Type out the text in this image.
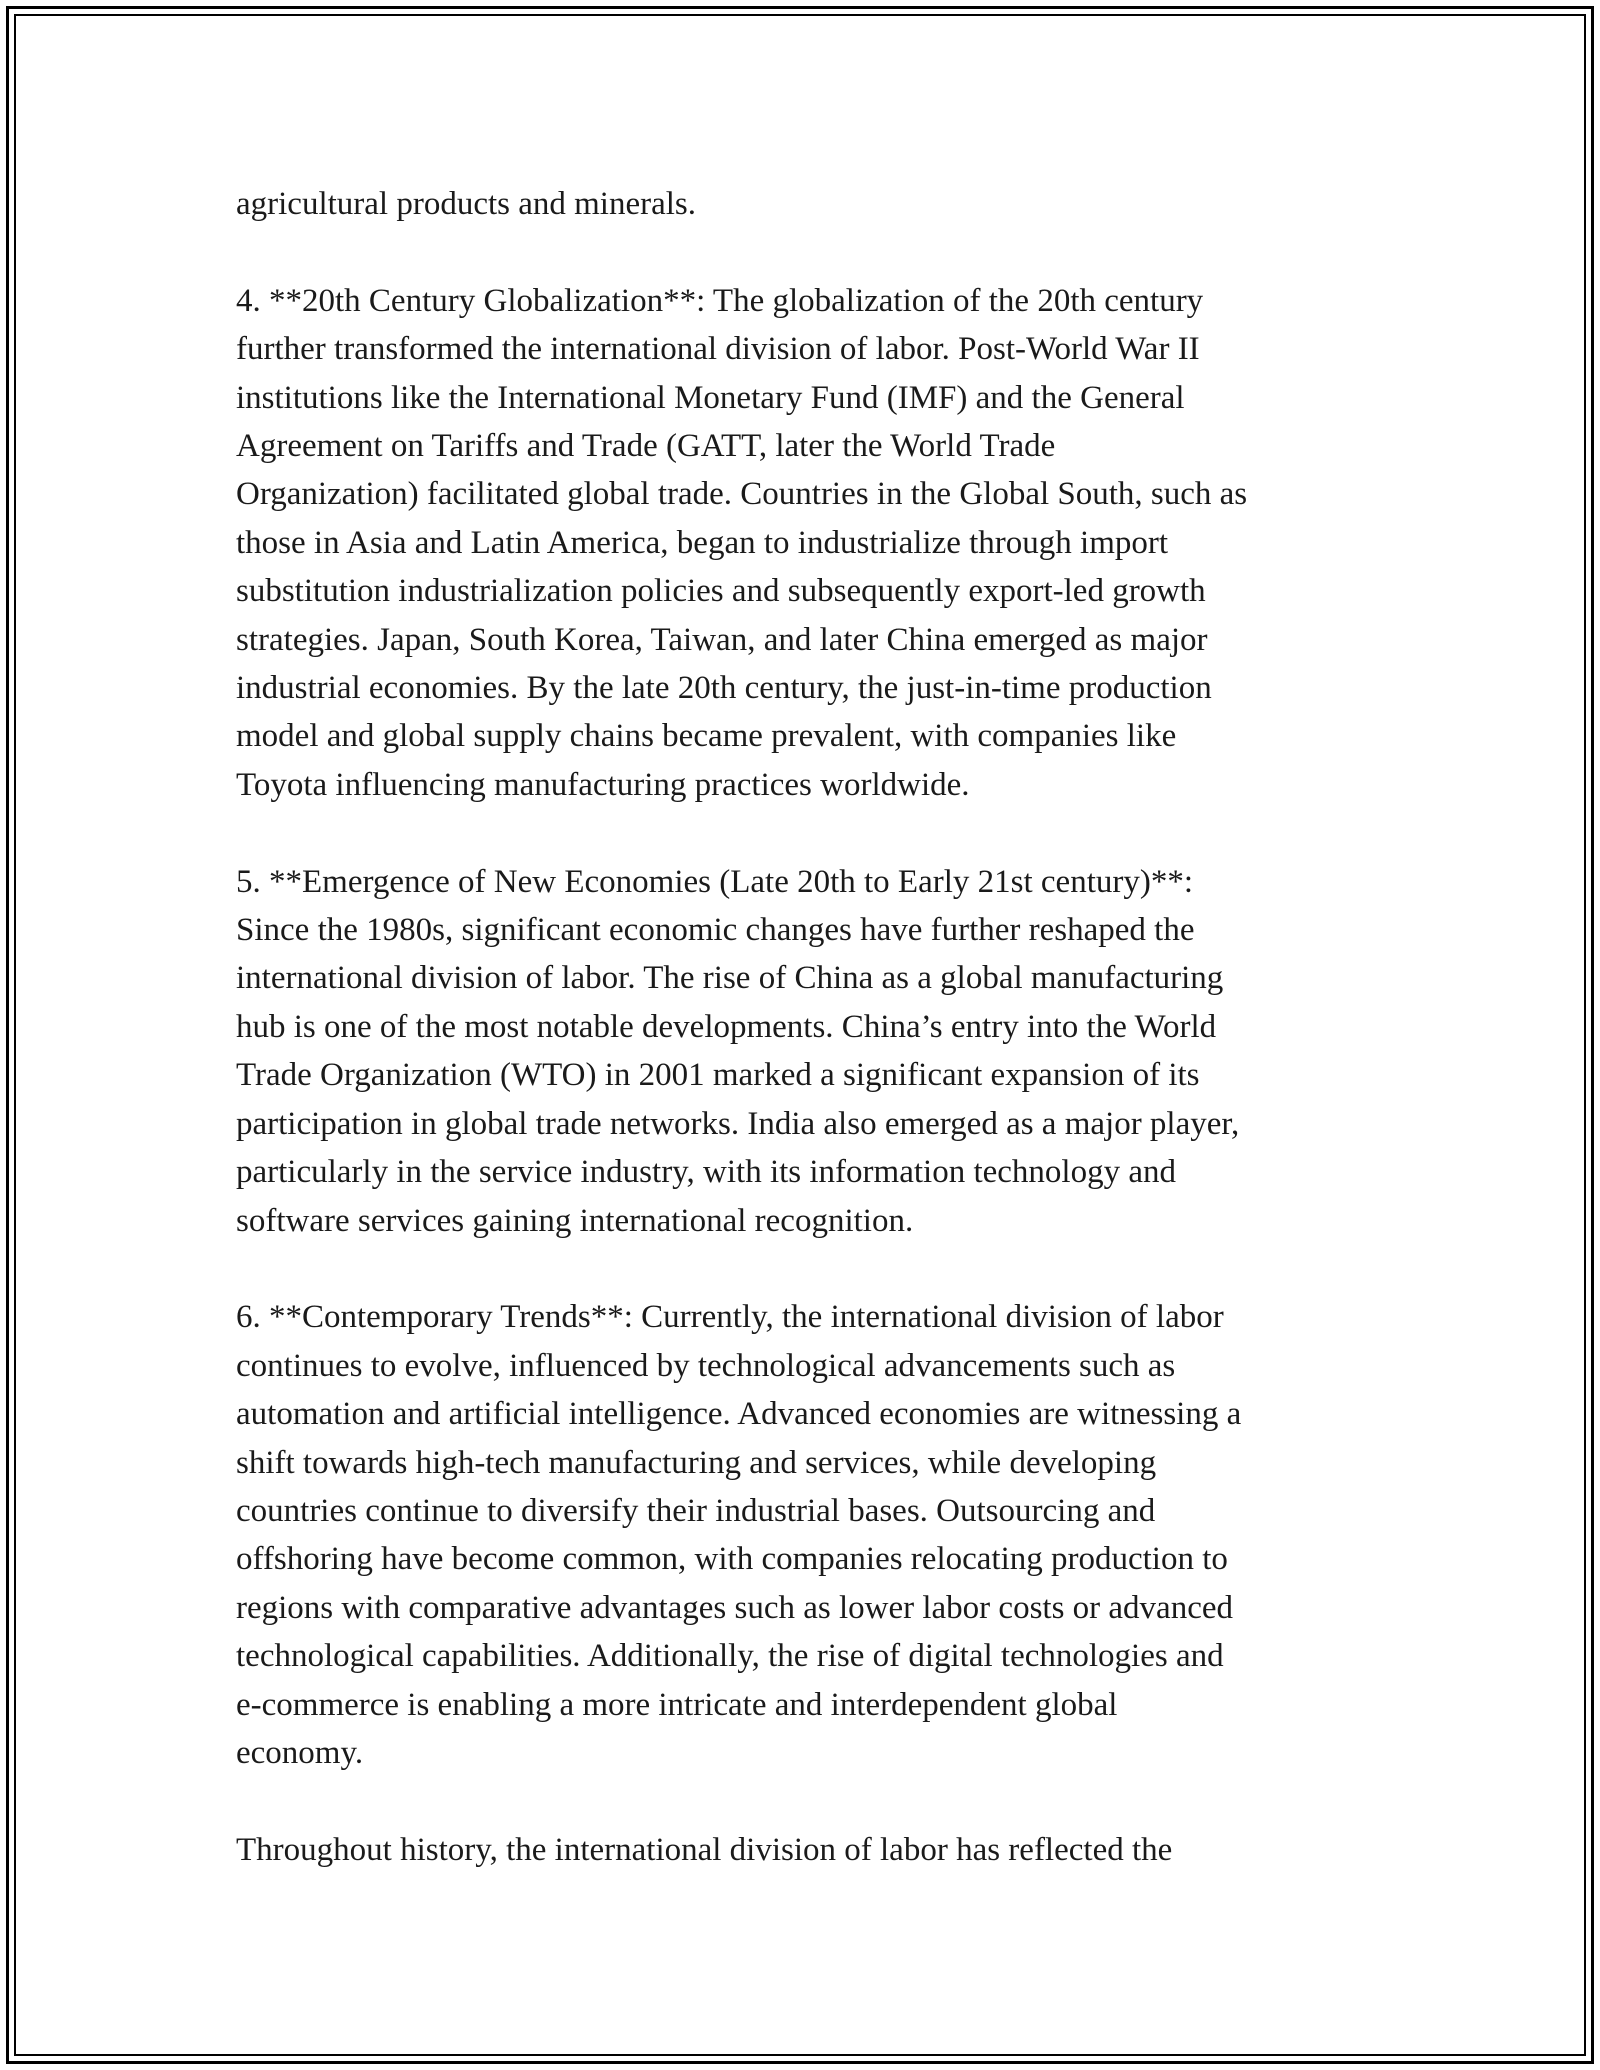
agricultural products and minerals.
4. **20th Century Globalization**: The globalization of the 20th century
further transformed the international division of labor. Post-World War II
institutions like the International Monetary Fund (IMF) and the General
Agreement on Tariffs and Trade (GATT, later the World Trade
Organization) facilitated global trade. Countries in the Global South, such as
those in Asia and Latin America, began to industrialize through import
substitution industrialization policies and subsequently export-led growth
strategies. Japan, South Korea, Taiwan, and later China emerged as major
industrial economies. By the late 20th century, the just-in-time production
model and global supply chains became prevalent, with companies like
Toyota influencing manufacturing practices worldwide.
5. **Emergence of New Economies (Late 20th to Early 21st century)**:
Since the 1980s, significant economic changes have further reshaped the
international division of labor. The rise of China as a global manufacturing
hub is one of the most notable developments. China’s entry into the World
Trade Organization (WTO) in 2001 marked a significant expansion of its
participation in global trade networks. India also emerged as a major player,
particularly in the service industry, with its information technology and
software services gaining international recognition.
6. **Contemporary Trends**: Currently, the international division of labor
continues to evolve, influenced by technological advancements such as
automation and artificial intelligence. Advanced economies are witnessing a
shift towards high-tech manufacturing and services, while developing
countries continue to diversify their industrial bases. Outsourcing and
offshoring have become common, with companies relocating production to
regions with comparative advantages such as lower labor costs or advanced
technological capabilities. Additionally, the rise of digital technologies and
e-commerce is enabling a more intricate and interdependent global
economy.
Throughout history, the international division of labor has reflected the
